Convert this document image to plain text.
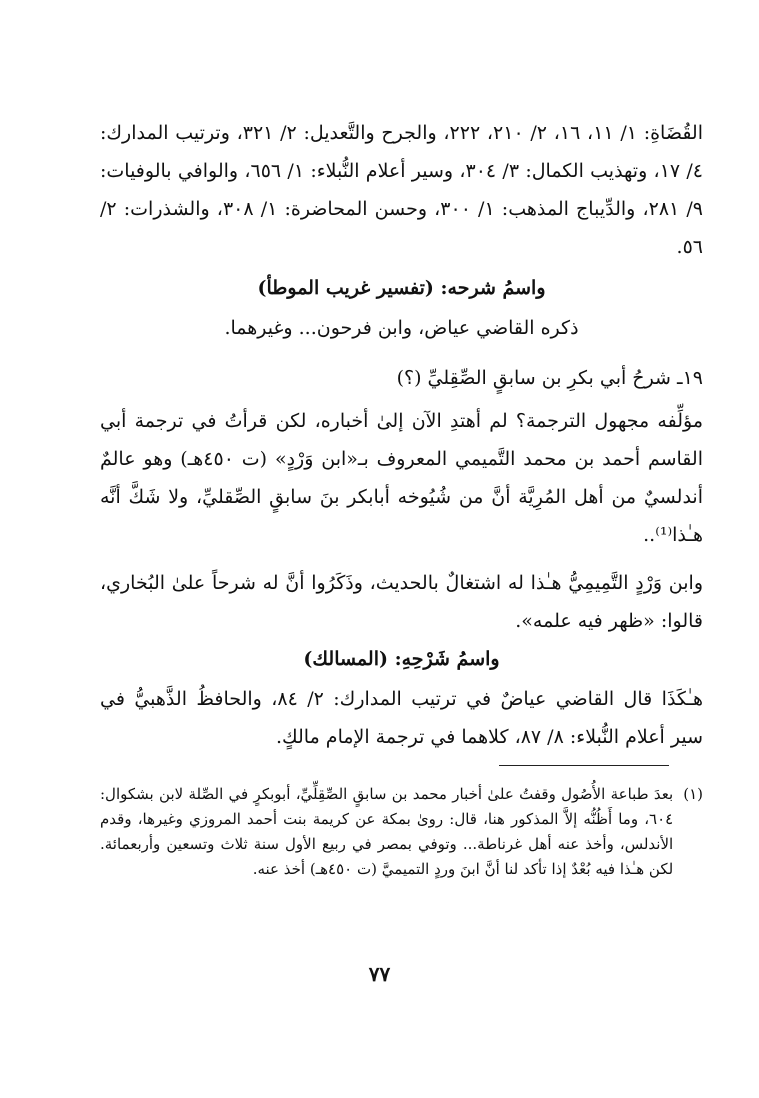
القُضَاةِ: ١/ ١١، ١٦، ٢/ ٢١٠، ٢٢٢، والجرح والتَّعديل: ٢/ ٣٢١، وترتيب المدارك: ٤/ ١٧، وتهذيب الكمال: ٣/ ٣٠٤، وسير أعلام النُّبلاء: ١/ ٦٥٦، والوافي بالوفيات: ٩/ ٢٨١، والدِّيباج المذهب: ١/ ٣٠٠، وحسن المحاضرة: ١/ ٣٠٨، والشذرات: ٢/ ٥٦.

واسمُ شرحه: (تفسير غريب الموطأ)

ذكره القاضي عياض، وابن فرحون... وغيرهما.

١٩ـ شرحُ أبي بكرِ بن سابقٍ الصِّقِليِّ (؟)

مؤلِّفه مجهول الترجمة؟ لم أهتدِ الآن إلىٰ أخباره، لكن قرأتُ في ترجمة أبي القاسم أحمد بن محمد التَّميمي المعروف بـ«ابن وَرْدٍ» (ت ٤٥٠هـ) وهو عالمٌ أندلسيٌ من أهل المُرِيَّة أنَّ من شُيُوخه أبابكر بنَ سابقٍ الصِّقليِّ، ولا شَكَّ أنَّه هـٰذا⁽¹⁾..

وابن وَرْدٍ التَّمِيمِيُّ هـٰذا له اشتغالٌ بالحديث، وذَكَرُوا أنَّ له شرحاً علىٰ البُخاري، قالوا: «ظهر فيه علمه».

واسمُ شَرْحِهِ: (المسالك)

هـٰكَذَا قال القاضي عياضٌ في ترتيب المدارك: ٢/ ٨٤، والحافظُ الذَّهبيُّ في سير أعلام النُّبلاء: ٨/ ٨٧، كلاهما في ترجمة الإمام مالكٍ.

(١)
بعدَ طباعة الأُصُول وقفتُ علىٰ أخبار محمد بن سابقٍ الصِّقِلِّيِّ، أبوبكرٍ في الصِّلة لابن بشكوال: ٦٠٤، وما أَظُنُّه إلاَّ المذكور هنا، قال: روىٰ بمكة عن كريمة بنت أحمد المروزي وغيرها، وقدم الأندلس، وأخذ عنه أهل غرناطة... وتوفي بمصر في ربيع الأول سنة ثلاث وتسعين وأربعمائة. لكن هـٰذا فيه بُعْدٌ إذا تأكد لنا أنَّ ابنَ وردٍ التميميَّ (ت ٤٥٠هـ) أخذ عنه.
٧٧
